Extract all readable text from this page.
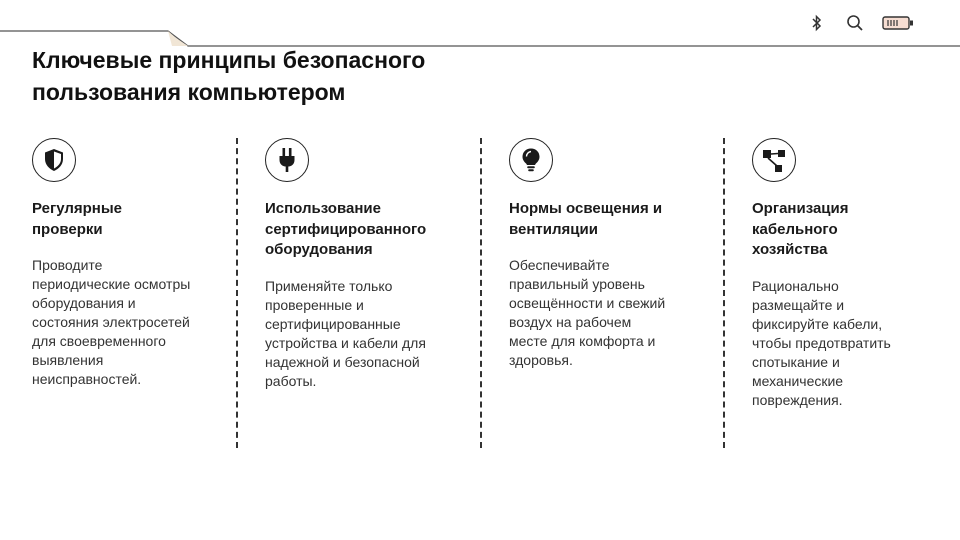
Ключевые принципы безопасного
пользования компьютером
Регулярные
проверки

Проводите
периодические осмотры
оборудования и
состояния электросетей
для своевременного
выявления
неисправностей.

Использование
сертифицированного
оборудования

Применяйте только
проверенные и
сертифицированные
устройства и кабели для
надежной и безопасной
работы.

Нормы освещения и
вентиляции

Обеспечивайте
правильный уровень
освещённости и свежий
воздух на рабочем
месте для комфорта и
здоровья.

Организация
кабельного
хозяйства

Рационально
размещайте и
фиксируйте кабели,
чтобы предотвратить
спотыкание и
механические
повреждения.
